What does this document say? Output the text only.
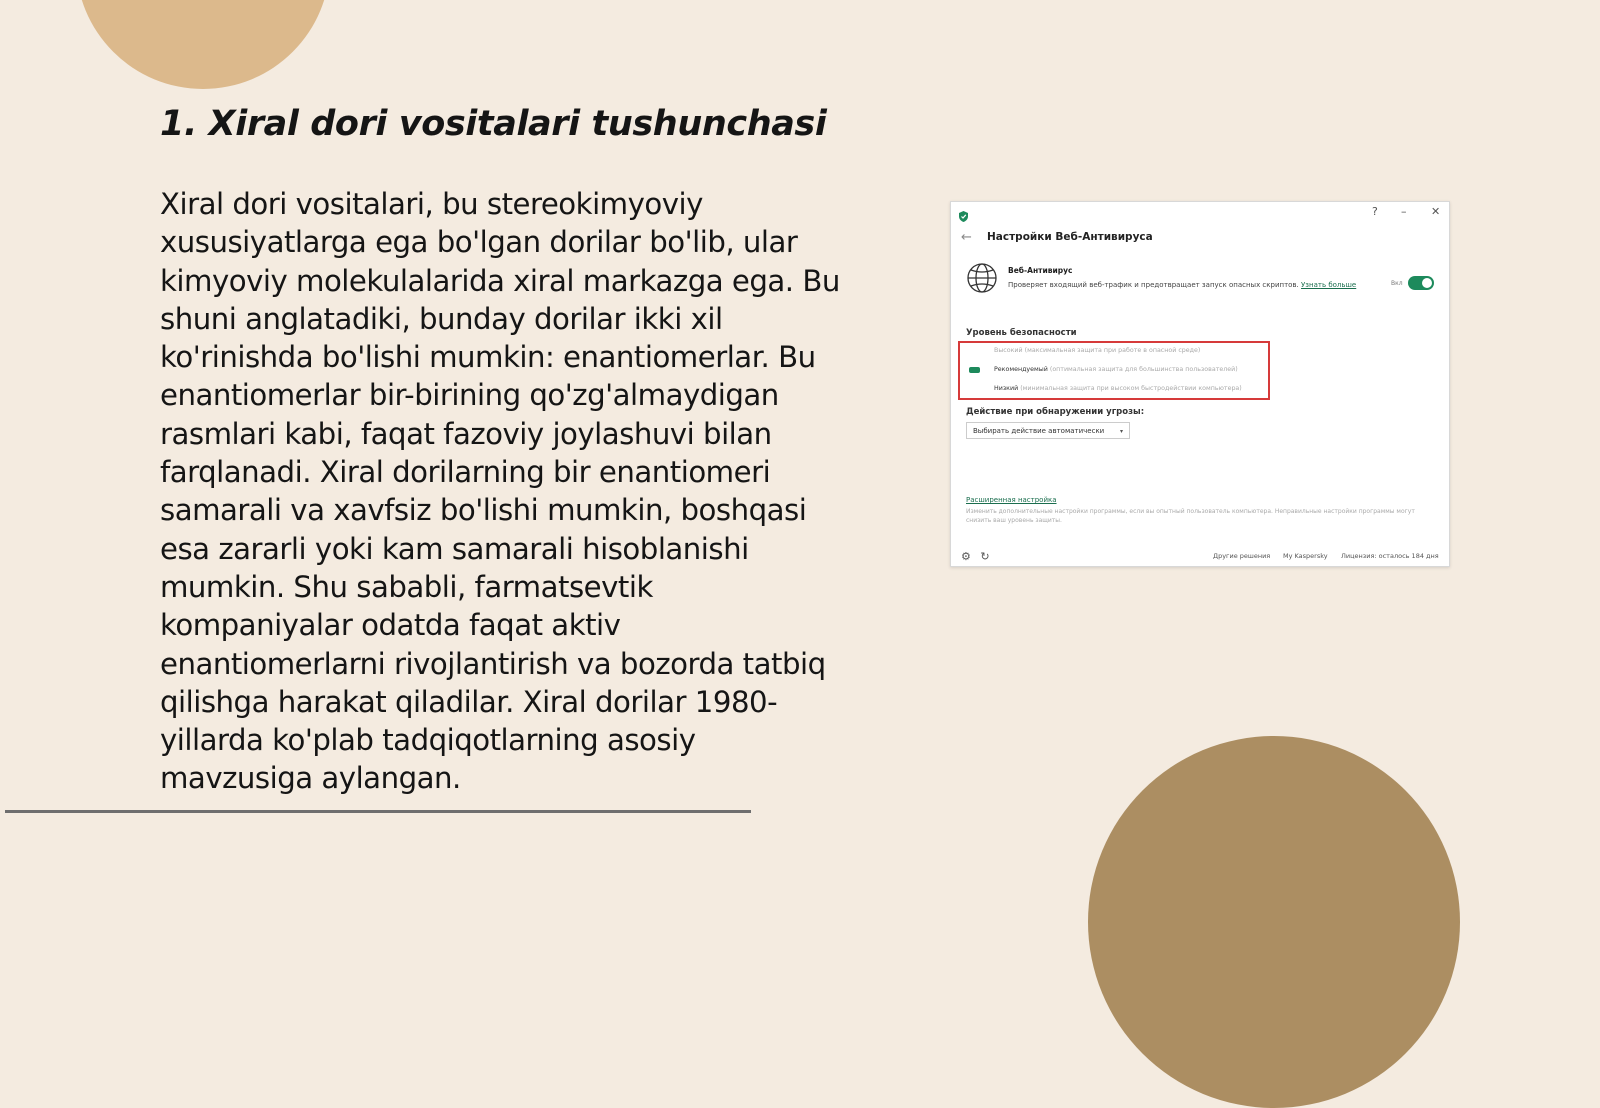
1. Xiral dori vositalari tushunchasi

Xiral dori vositalari, bu stereokimyoviy xususiyatlarga ega bo'lgan dorilar bo'lib, ular kimyoviy molekulalarida xiral markazga ega. Bu shuni anglatadiki, bunday dorilar ikki xil ko'rinishda bo'lishi mumkin: enantiomerlar. Bu enantiomerlar bir-birining qo'zg'almaydigan rasmlari kabi, faqat fazoviy joylashuvi bilan farqlanadi. Xiral dorilarning bir enantiomeri samarali va xavfsiz bo'lishi mumkin, boshqasi esa zararli yoki kam samarali hisoblanishi mumkin. Shu sababli, farmatsevtik kompaniyalar odatda faqat aktiv enantiomerlarni rivojlantirish va bozorda tatbiq qilishga harakat qiladilar. Xiral dorilar 1980-yillarda ko'plab tadqiqotlarning asosiy mavzusiga aylangan.

? – ✕
← Настройки Веб-Антивируса
Веб-Антивирус
Проверяет входящий веб-трафик и предотвращает запуск опасных скриптов. Узнать больше	Вкл
Уровень безопасности
Высокий (максимальная защита при работе в опасной среде)
Рекомендуемый (оптимальная защита для большинства пользователей)
Низкий (минимальная защита при высоком быстродействии компьютера)
Действие при обнаружении угрозы:
Выбирать действие автоматически	▾
Расширенная настройка
Изменить дополнительные настройки программы, если вы опытный пользователь компьютера. Неправильные настройки программы могут снизить ваш уровень защиты.
⚙ ↻	Другие решения My Kaspersky Лицензия: осталось 184 дня
